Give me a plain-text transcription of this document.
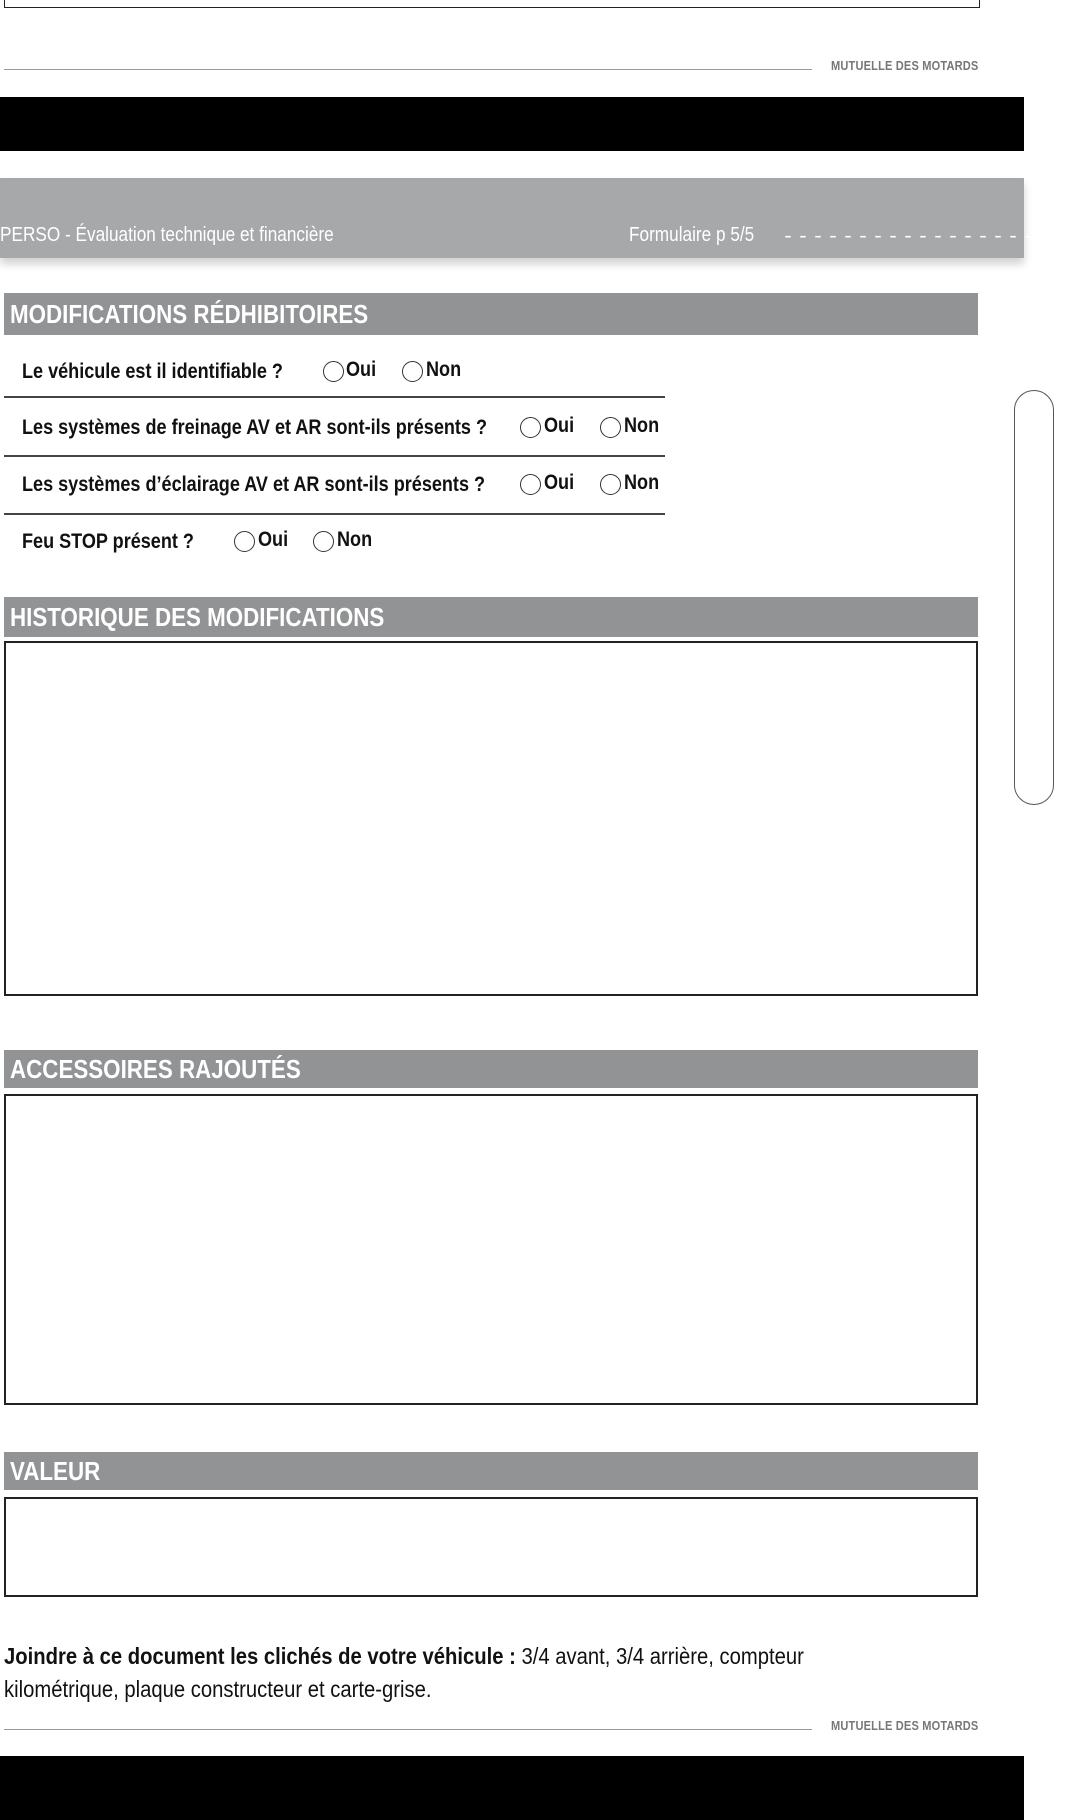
MUTUELLE DES MOTARDS
PERSO - Évaluation technique et financière	Formulaire p 5/5 -------------------
MODIFICATIONS RÉDHIBITOIRES
Le véhicule est il identifiable ?	Oui Non
Les systèmes de freinage AV et AR sont-ils présents ?	Oui Non
Les systèmes d’éclairage AV et AR sont-ils présents ?	Oui Non
Feu STOP présent ?	Oui Non
HISTORIQUE DES MODIFICATIONS
ACCESSOIRES RAJOUTÉS
VALEUR
Joindre à ce document les clichés de votre véhicule : 3/4 avant, 3/4 arrière, compteur kilométrique, plaque constructeur et carte-grise.
MUTUELLE DES MOTARDS
